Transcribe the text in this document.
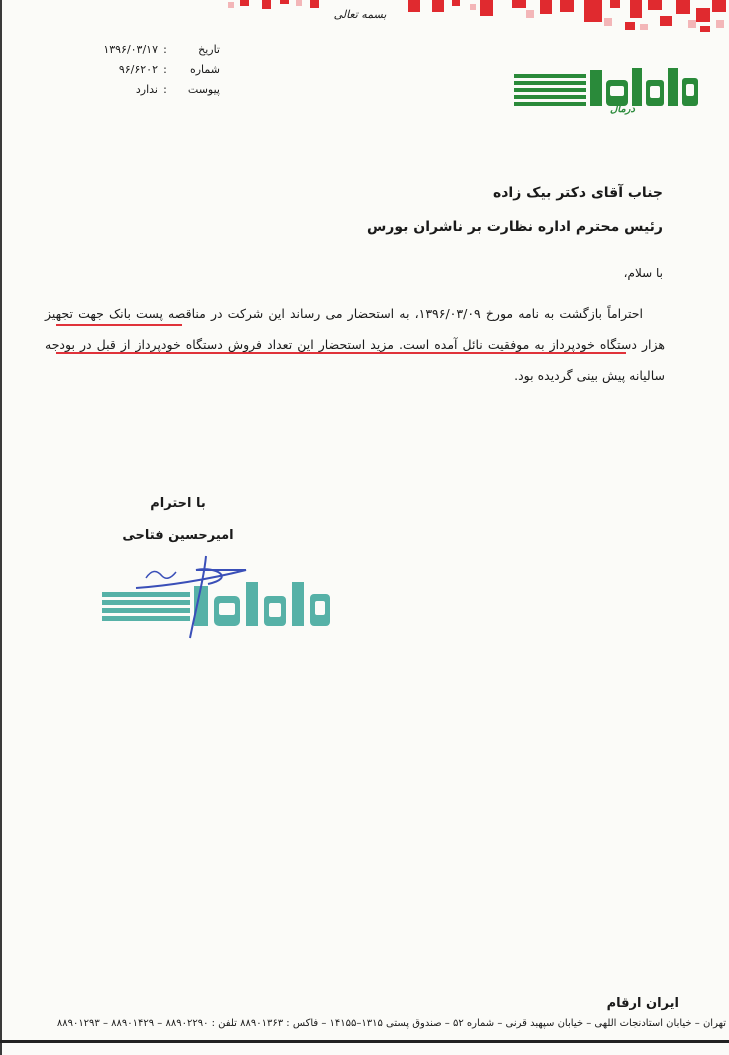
بسمه تعالی
تاریخ
:
۱۳۹۶/۰۳/۱۷
شماره
:
۹۶/۶۲۰۲
پیوست
:
ندارد
درمال
جناب آقای دکتر بیک زاده
رئیس محترم اداره نظارت بر ناشران بورس
با سلام،

احتراماً بازگشت به نامه مورخ ۱۳۹۶/۰۳/۰۹، به استحضار می رساند این شرکت در مناقصه پست بانک جهت تجهیز هزار دستگاه خودپرداز به موفقیت نائل آمده است. مزید استحضار این تعداد فروش دستگاه خودپرداز از قبل در بودجه سالیانه پیش بینی گردیده بود.

با احترام
امیرحسین فتاحی
ایران ارقام
تهران – خیابان استادنجات اللهی – خیابان سپهبد قرنی – شماره ۵۲ – صندوق پستی ۱۳۱۵–۱۴۱۵۵ – فاکس : ۸۸۹۰۱۳۶۳ تلفن : ۸۸۹۰۲۲۹۰ – ۸۸۹۰۱۴۲۹ – ۸۸۹۰۱۲۹۳
